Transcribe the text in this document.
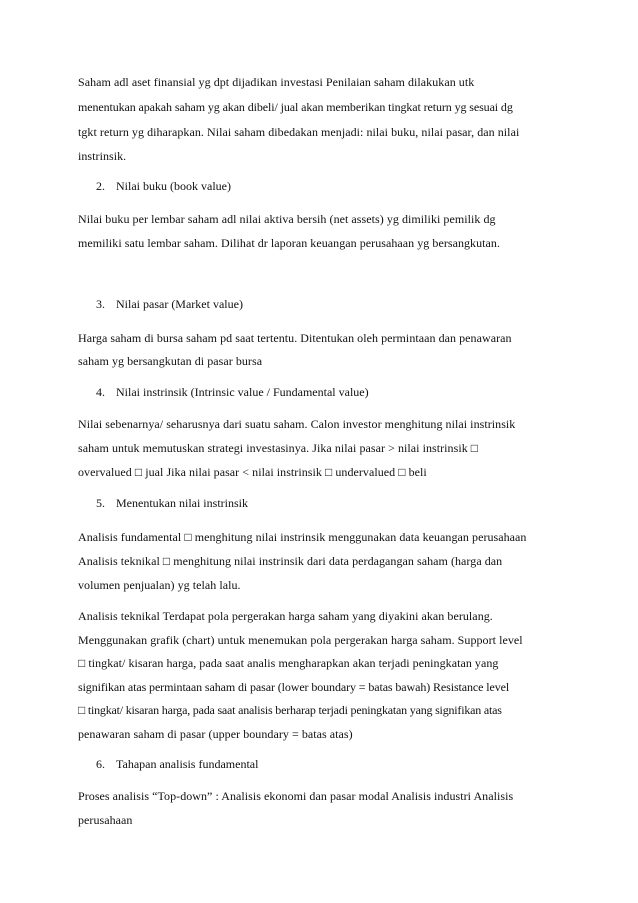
Saham adl aset finansial yg dpt dijadikan investasi Penilaian saham dilakukan utk
menentukan apakah saham yg akan dibeli/ jual akan memberikan tingkat return yg sesuai dg
tgkt return yg diharapkan. Nilai saham dibedakan menjadi: nilai buku, nilai pasar, dan nilai
instrinsik.
2. Nilai buku (book value)
Nilai buku per lembar saham adl nilai aktiva bersih (net assets) yg dimiliki pemilik dg
memiliki satu lembar saham. Dilihat dr laporan keuangan perusahaan yg bersangkutan.
3. Nilai pasar (Market value)
Harga saham di bursa saham pd saat tertentu. Ditentukan oleh permintaan dan penawaran
saham yg bersangkutan di pasar bursa
4. Nilai instrinsik (Intrinsic value / Fundamental value)
Nilai sebenarnya/ seharusnya dari suatu saham. Calon investor menghitung nilai instrinsik
saham untuk memutuskan strategi investasinya. Jika nilai pasar > nilai instrinsik □
overvalued □ jual Jika nilai pasar < nilai instrinsik □ undervalued □ beli
5. Menentukan nilai instrinsik
Analisis fundamental □ menghitung nilai instrinsik menggunakan data keuangan perusahaan
Analisis teknikal □ menghitung nilai instrinsik dari data perdagangan saham (harga dan
volumen penjualan) yg telah lalu.
Analisis teknikal Terdapat pola pergerakan harga saham yang diyakini akan berulang.
Menggunakan grafik (chart) untuk menemukan pola pergerakan harga saham. Support level
□ tingkat/ kisaran harga, pada saat analis mengharapkan akan terjadi peningkatan yang
signifikan atas permintaan saham di pasar (lower boundary = batas bawah) Resistance level
□ tingkat/ kisaran harga, pada saat analisis berharap terjadi peningkatan yang signifikan atas
penawaran saham di pasar (upper boundary = batas atas)
6. Tahapan analisis fundamental
Proses analisis “Top-down” : Analisis ekonomi dan pasar modal Analisis industri Analisis
perusahaan
